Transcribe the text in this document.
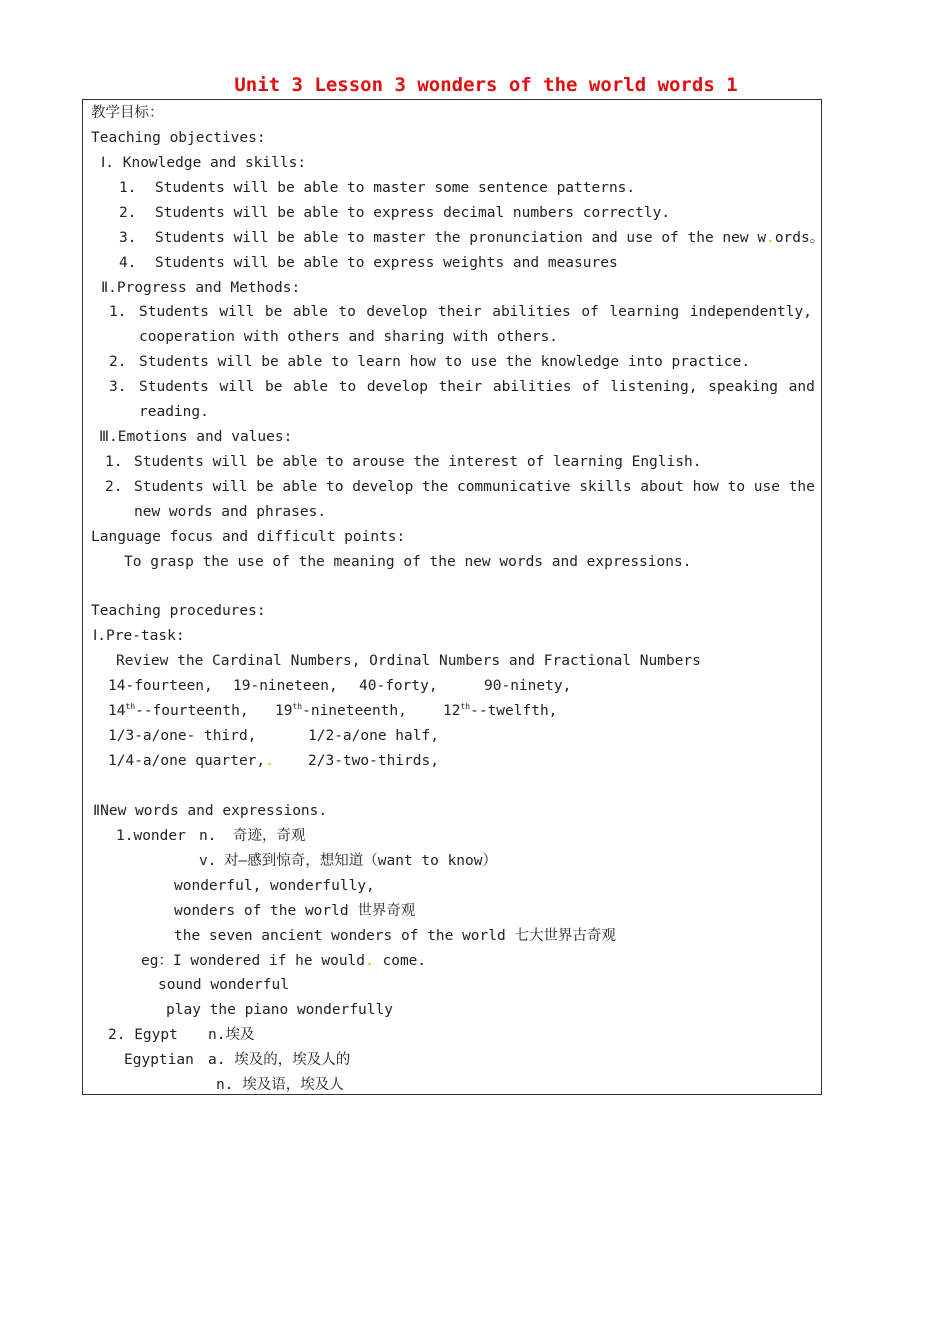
Unit 3 Lesson 3 wonders of the world words 1
教学目标：
Teaching objectives:
Ⅰ. Knowledge and skills:
1. Students will be able to master some sentence patterns.
2. Students will be able to express decimal numbers correctly.
3. Students will be able to master the pronunciation and use of the new w.ords。
4. Students will be able to express weights and measures
Ⅱ.Progress and Methods:
1. Students will be able to develop their abilities of learning independently,
cooperation with others and sharing with others.
2. Students will be able to learn how to use the knowledge into practice.
3. Students will be able to develop their abilities of listening, speaking and
reading.
Ⅲ.Emotions and values:
1. Students will be able to arouse the interest of learning English.
2. Students will be able to develop the communicative skills about how to use the
new words and phrases.
Language focus and difficult points:
To grasp the use of the meaning of the new words and expressions.
Teaching procedures:
Ⅰ.Pre-task:
Review the Cardinal Numbers, Ordinal Numbers and Fractional Numbers
14-fourteen, 19-nineteen, 40-forty,	90-ninety,
14th--fourteenth, 19th-nineteenth, 12th--twelfth,
1/3-a/one- third,	1/2-a/one half,
1/4-a/one quarter,. 2/3-two-thirds,
ⅡNew words and expressions.
1.wonder n. 奇迹，奇观
v. 对—感到惊奇，想知道（want to know）
wonderful, wonderfully,
wonders of the world 世界奇观
the seven ancient wonders of the world 七大世界古奇观
eg：I wondered if he would. come.
sound wonderful
play the piano wonderfully
2. Egypt n.埃及
Egyptian a. 埃及的，埃及人的
n. 埃及语，埃及人
